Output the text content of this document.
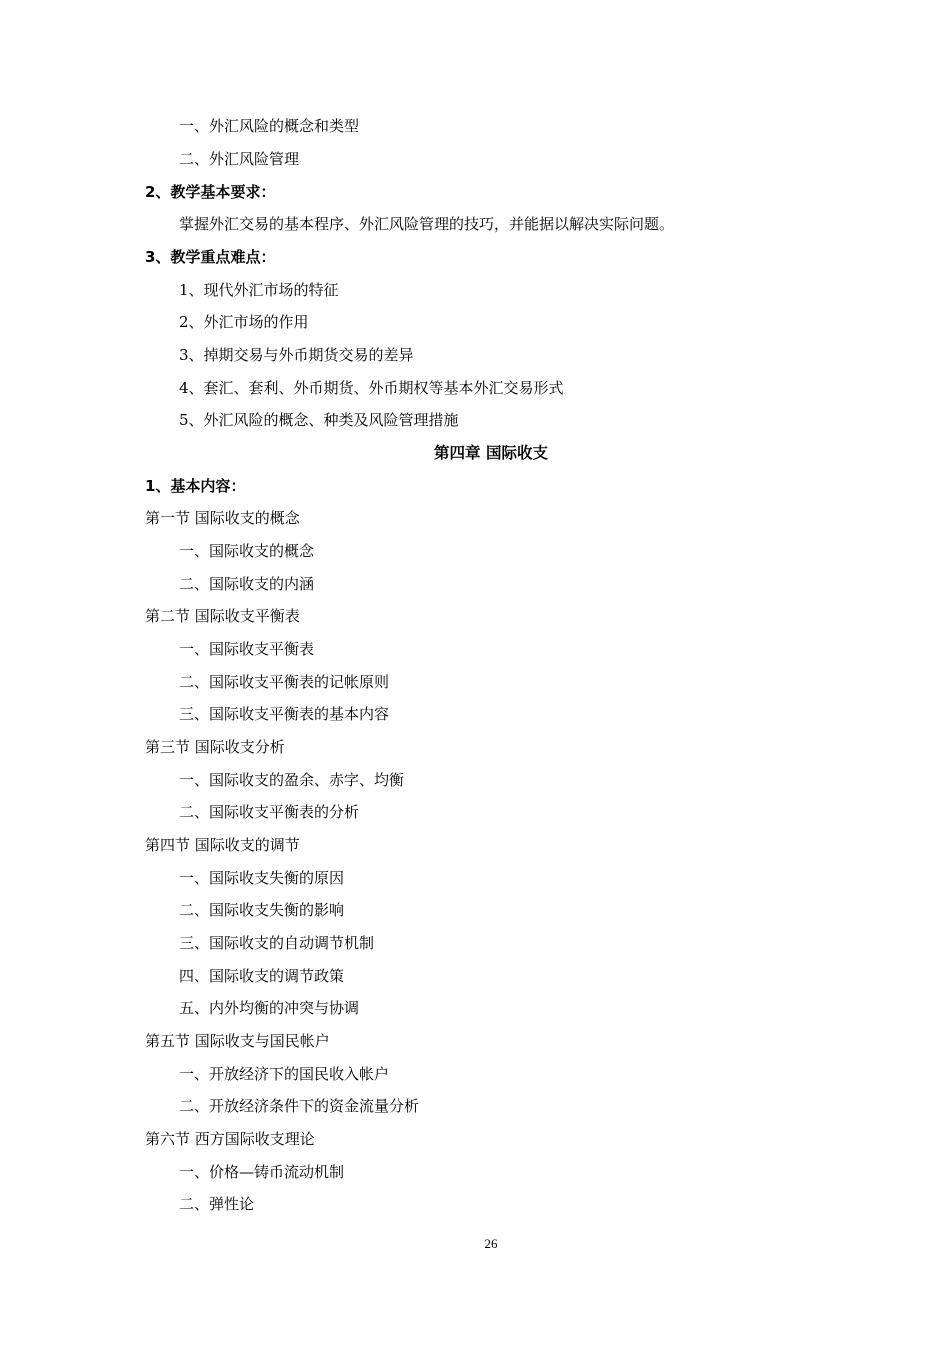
一、外汇风险的概念和类型
二、外汇风险管理
2、教学基本要求：
掌握外汇交易的基本程序、外汇风险管理的技巧，并能据以解决实际问题。
3、教学重点难点：
1、现代外汇市场的特征
2、外汇市场的作用
3、掉期交易与外币期货交易的差异
4、套汇、套利、外币期货、外币期权等基本外汇交易形式
5、外汇风险的概念、种类及风险管理措施
第四章 国际收支
1、基本内容：
第一节 国际收支的概念
一、国际收支的概念
二、国际收支的内涵
第二节 国际收支平衡表
一、国际收支平衡表
二、国际收支平衡表的记帐原则
三、国际收支平衡表的基本内容
第三节 国际收支分析
一、国际收支的盈余、赤字、均衡
二、国际收支平衡表的分析
第四节 国际收支的调节
一、国际收支失衡的原因
二、国际收支失衡的影响
三、国际收支的自动调节机制
四、国际收支的调节政策
五、内外均衡的冲突与协调
第五节 国际收支与国民帐户
一、开放经济下的国民收入帐户
二、开放经济条件下的资金流量分析
第六节 西方国际收支理论
一、价格—铸币流动机制
二、弹性论
26
